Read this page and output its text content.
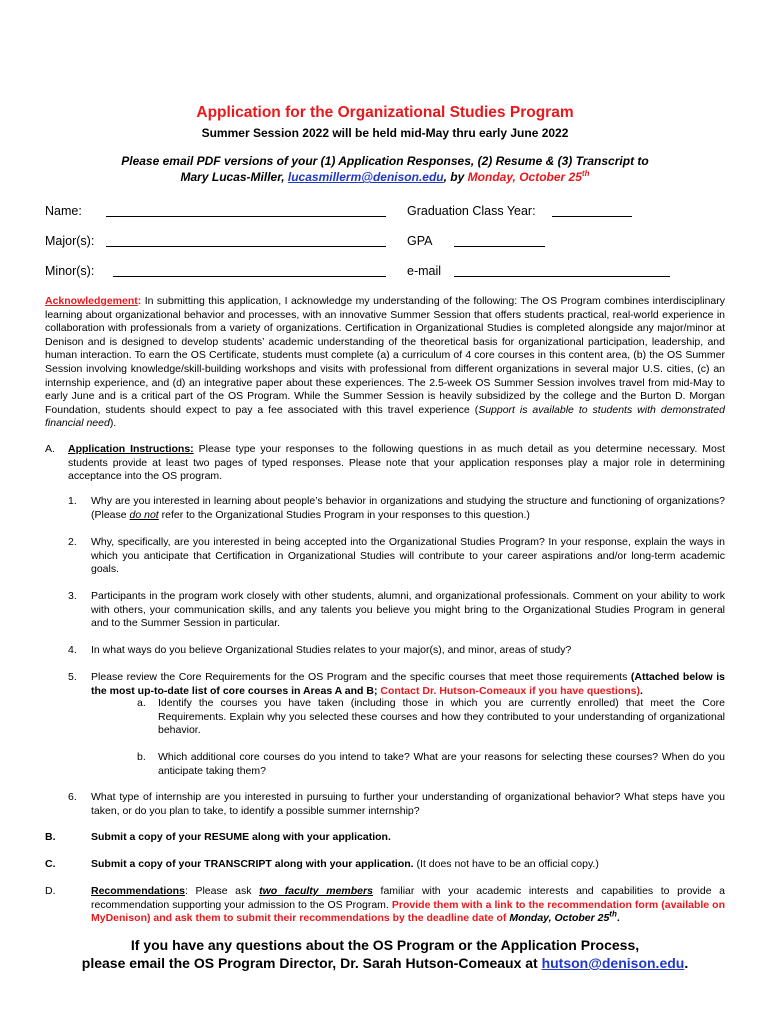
Application for the Organizational Studies Program
Summer Session 2022 will be held mid-May thru early June 2022
Please email PDF versions of your (1) Application Responses, (2) Resume & (3) Transcript to
Mary Lucas-Miller, lucasmillerm@denison.edu, by Monday, October 25th
Name:	Graduation Class Year:
Major(s):	GPA
Minor(s):	e-mail
Acknowledgement: In submitting this application, I acknowledge my understanding of the following: The OS Program combines interdisciplinary learning about organizational behavior and processes, with an innovative Summer Session that offers students practical, real-world experience in collaboration with professionals from a variety of organizations. Certification in Organizational Studies is completed alongside any major/minor at Denison and is designed to develop students’ academic understanding of the theoretical basis for organizational participation, leadership, and human interaction. To earn the OS Certificate, students must complete (a) a curriculum of 4 core courses in this content area, (b) the OS Summer Session involving knowledge/skill-building workshops and visits with professional from different organizations in several major U.S. cities, (c) an internship experience, and (d) an integrative paper about these experiences. The 2.5-week OS Summer Session involves travel from mid-May to early June and is a critical part of the OS Program. While the Summer Session is heavily subsidized by the college and the Burton D. Morgan Foundation, students should expect to pay a fee associated with this travel experience (Support is available to students with demonstrated financial need).
A. Application Instructions: Please type your responses to the following questions in as much detail as you determine necessary. Most students provide at least two pages of typed responses. Please note that your application responses play a major role in determining acceptance into the OS program.
1. Why are you interested in learning about people’s behavior in organizations and studying the structure and functioning of organizations? (Please do not refer to the Organizational Studies Program in your responses to this question.)
2. Why, specifically, are you interested in being accepted into the Organizational Studies Program? In your response, explain the ways in which you anticipate that Certification in Organizational Studies will contribute to your career aspirations and/or long-term academic goals.
3. Participants in the program work closely with other students, alumni, and organizational professionals. Comment on your ability to work with others, your communication skills, and any talents you believe you might bring to the Organizational Studies Program in general and to the Summer Session in particular.
4. In what ways do you believe Organizational Studies relates to your major(s), and minor, areas of study?
5. Please review the Core Requirements for the OS Program and the specific courses that meet those requirements (Attached below is the most up-to-date list of core courses in Areas A and B; Contact Dr. Hutson-Comeaux if you have questions).
a. Identify the courses you have taken (including those in which you are currently enrolled) that meet the Core Requirements. Explain why you selected these courses and how they contributed to your understanding of organizational behavior.
b. Which additional core courses do you intend to take? What are your reasons for selecting these courses? When do you anticipate taking them?
6. What type of internship are you interested in pursuing to further your understanding of organizational behavior? What steps have you taken, or do you plan to take, to identify a possible summer internship?
B.	Submit a copy of your RESUME along with your application.
C.	Submit a copy of your TRANSCRIPT along with your application. (It does not have to be an official copy.)
D.	Recommendations: Please ask two faculty members familiar with your academic interests and capabilities to provide a recommendation supporting your admission to the OS Program. Provide them with a link to the recommendation form (available on MyDenison) and ask them to submit their recommendations by the deadline date of Monday, October 25th.
If you have any questions about the OS Program or the Application Process,
please email the OS Program Director, Dr. Sarah Hutson-Comeaux at hutson@denison.edu.
